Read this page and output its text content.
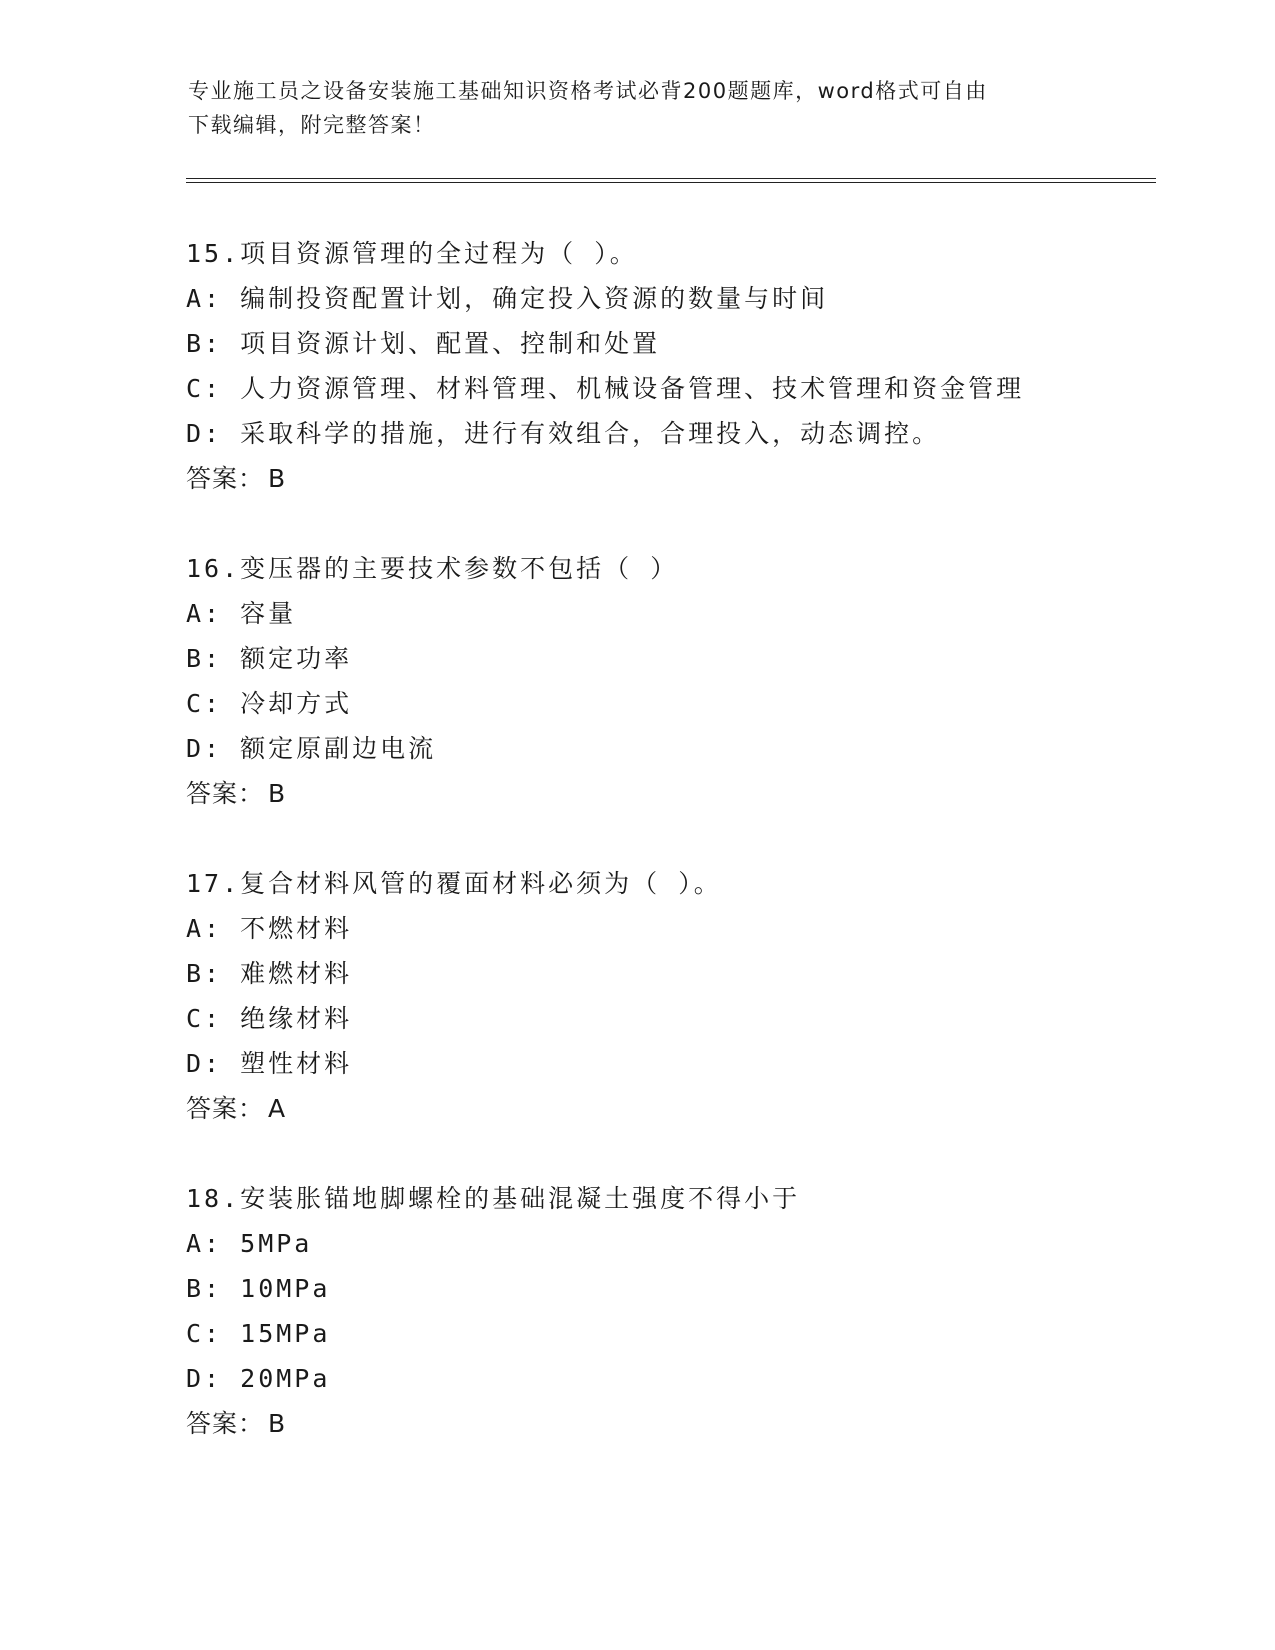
专业施工员之设备安装施工基础知识资格考试必背200题题库，word格式可自由
下载编辑，附完整答案！
15.项目资源管理的全过程为（ ）。
A: 编制投资配置计划，确定投入资源的数量与时间
B: 项目资源计划、配置、控制和处置
C: 人力资源管理、材料管理、机械设备管理、技术管理和资金管理
D: 采取科学的措施，进行有效组合，合理投入，动态调控。
答案： B
16.变压器的主要技术参数不包括（ ）
A: 容量
B: 额定功率
C: 冷却方式
D: 额定原副边电流
答案： B
17.复合材料风管的覆面材料必须为（ ）。
A: 不燃材料
B: 难燃材料
C: 绝缘材料
D: 塑性材料
答案： A
18.安装胀锚地脚螺栓的基础混凝土强度不得小于
A: 5MPa
B: 10MPa
C: 15MPa
D: 20MPa
答案： B
